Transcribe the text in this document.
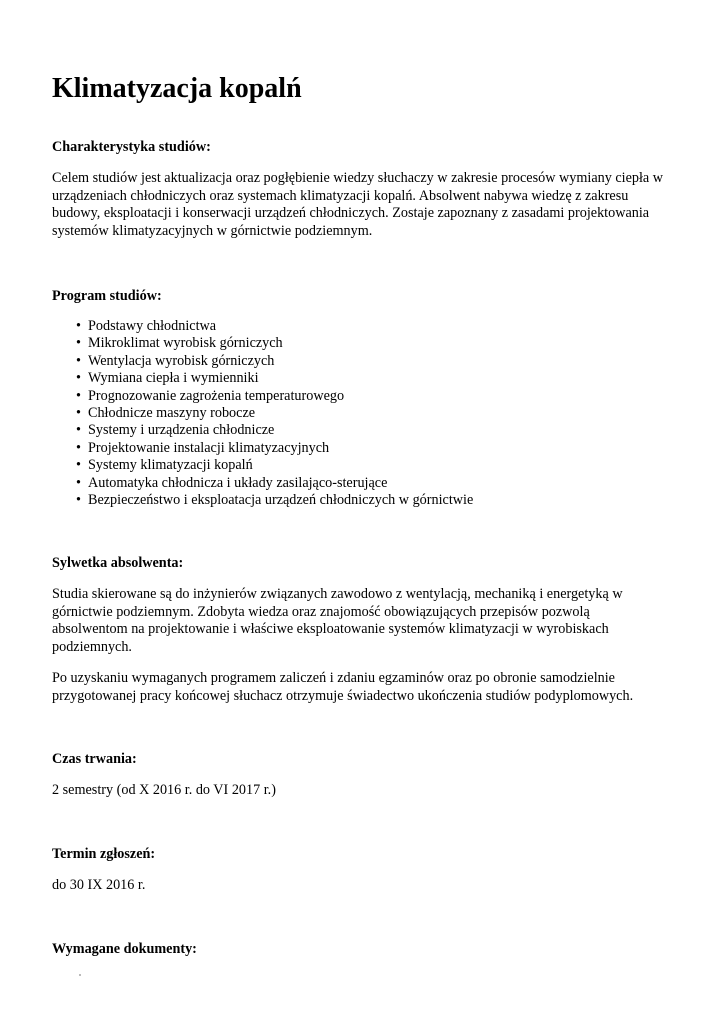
Klimatyzacja kopalń

Charakterystyka studiów:

Celem studiów jest aktualizacja oraz pogłębienie wiedzy słuchaczy w zakresie procesów wymiany ciepła w
urządzeniach chłodniczych oraz systemach klimatyzacji kopalń. Absolwent nabywa wiedzę z zakresu
budowy, eksploatacji i konserwacji urządzeń chłodniczych. Zostaje zapoznany z zasadami projektowania
systemów klimatyzacyjnych w górnictwie podziemnym.

Program studiów:

• Podstawy chłodnictwa
• Mikroklimat wyrobisk górniczych
• Wentylacja wyrobisk górniczych
• Wymiana ciepła i wymienniki
• Prognozowanie zagrożenia temperaturowego
• Chłodnicze maszyny robocze
• Systemy i urządzenia chłodnicze
• Projektowanie instalacji klimatyzacyjnych
• Systemy klimatyzacji kopalń
• Automatyka chłodnicza i układy zasilająco-sterujące
• Bezpieczeństwo i eksploatacja urządzeń chłodniczych w górnictwie

Sylwetka absolwenta:

Studia skierowane są do inżynierów związanych zawodowo z wentylacją, mechaniką i energetyką w
górnictwie podziemnym. Zdobyta wiedza oraz znajomość obowiązujących przepisów pozwolą
absolwentom na projektowanie i właściwe eksploatowanie systemów klimatyzacji w wyrobiskach
podziemnych.
Po uzyskaniu wymaganych programem zaliczeń i zdaniu egzaminów oraz po obronie samodzielnie
przygotowanej pracy końcowej słuchacz otrzymuje świadectwo ukończenia studiów podyplomowych.

Czas trwania:

2 semestry (od X 2016 r. do VI 2017 r.)

Termin zgłoszeń:

do 30 IX 2016 r.

Wymagane dokumenty:
